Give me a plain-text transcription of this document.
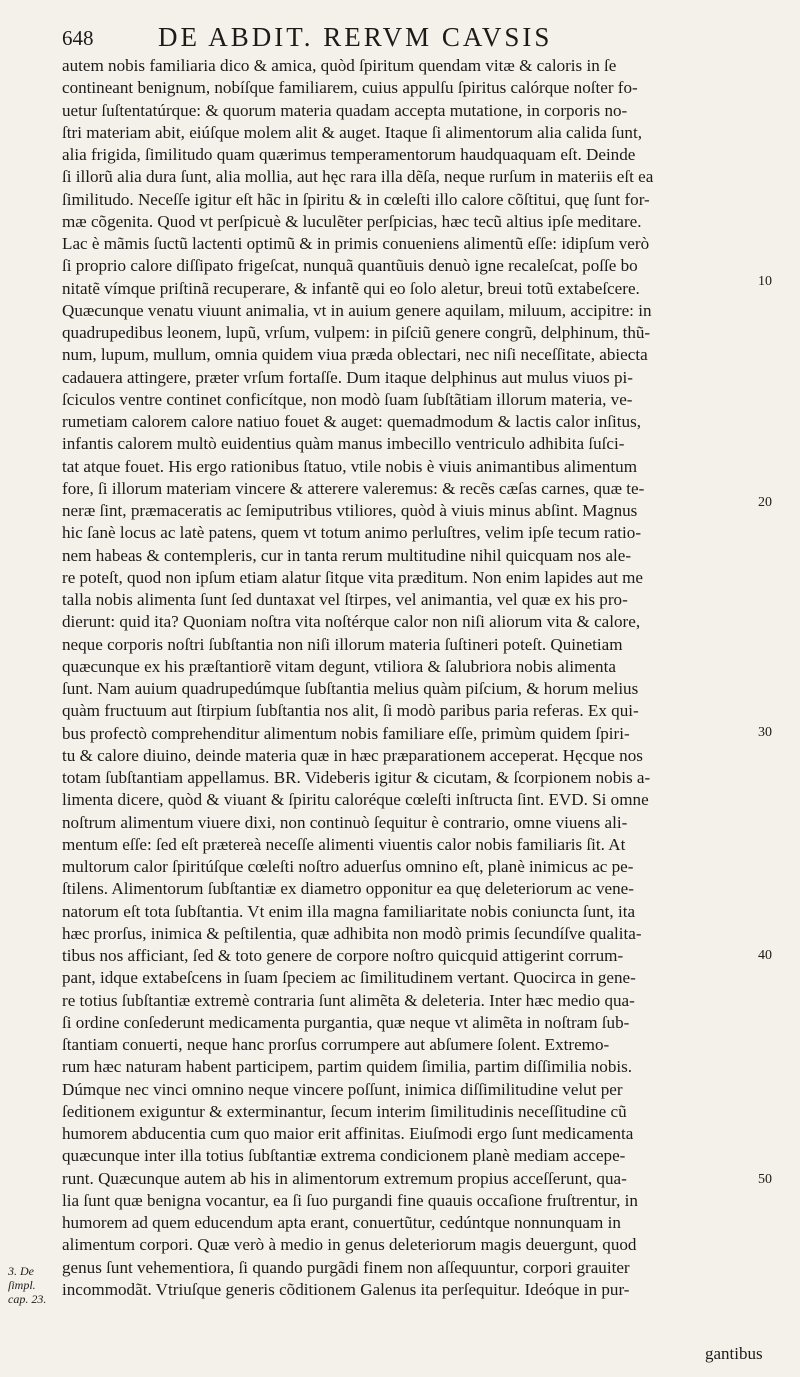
648 DE ABDIT. RERVM CAVSIS
autem nobis familiaria dico & amica, quòd ſpiritum quendam vitæ & caloris in ſe
contineant benignum, nobíſque familiarem, cuius appulſu ſpiritus calórque noſter fo-
uetur ſuſtentatúrque: & quorum materia quadam accepta mutatione, in corporis no-
ſtri materiam abit, eiúſque molem alit & auget. Itaque ſi alimentorum alia calida ſunt,
alia frigida, ſimilitudo quam quærimus temperamentorum haudquaquam eſt. Deinde
ſi illorũ alia dura ſunt, alia mollia, aut hęc rara illa dẽſa, neque rurſum in materiis eſt ea
ſimilitudo. Neceſſe igitur eſt hãc in ſpiritu & in cœleſti illo calore cõſtitui, quę ſunt for-
mæ cõgenita. Quod vt perſpicuè & luculẽter perſpicias, hæc tecũ altius ipſe meditare.
Lac è mãmis ſuctũ lactenti optimũ & in primis conueniens alimentũ eſſe: idipſum verò
ſi proprio calore diſſipato frigeſcat, nunquã quantũuis denuò igne recaleſcat, poſſe bo
nitatẽ vímque priſtinã recuperare, & infantẽ qui eo ſolo aletur, breui totũ extabeſcere.
Quæcunque venatu viuunt animalia, vt in auium genere aquilam, miluum, accipitre: in
quadrupedibus leonem, lupũ, vrſum, vulpem: in piſciũ genere congrũ, delphinum, thũ-
num, lupum, mullum, omnia quidem viua præda oblectari, nec niſi neceſſitate, abiecta
cadauera attingere, præter vrſum fortaſſe. Dum itaque delphinus aut mulus viuos pi-
ſciculos ventre continet conficítque, non modò ſuam ſubſtãtiam illorum materia, ve-
rumetiam calorem calore natiuo fouet & auget: quemadmodum & lactis calor inſitus,
infantis calorem multò euidentius quàm manus imbecillo ventriculo adhibita ſuſci-
tat atque fouet. His ergo rationibus ſtatuo, vtile nobis è viuis animantibus alimentum
fore, ſi illorum materiam vincere & atterere valeremus: & recẽs cæſas carnes, quæ te-
neræ ſint, præmaceratis ac ſemiputribus vtiliores, quòd à viuis minus abſint. Magnus
hic ſanè locus ac latè patens, quem vt totum animo perluſtres, velim ipſe tecum ratio-
nem habeas & contempleris, cur in tanta rerum multitudine nihil quicquam nos ale-
re poteſt, quod non ipſum etiam alatur ſitque vita præditum. Non enim lapides aut me
talla nobis alimenta ſunt ſed duntaxat vel ſtirpes, vel animantia, vel quæ ex his pro-
dierunt: quid ita? Quoniam noſtra vita noſtérque calor non niſi aliorum vita & calore,
neque corporis noſtri ſubſtantia non niſi illorum materia ſuſtineri poteſt. Quinetiam
quæcunque ex his præſtantiorẽ vitam degunt, vtiliora & ſalubriora nobis alimenta
ſunt. Nam auium quadrupedúmque ſubſtantia melius quàm piſcium, & horum melius
quàm fructuum aut ſtirpium ſubſtantia nos alit, ſi modò paribus paria referas. Ex qui-
bus profectò comprehenditur alimentum nobis familiare eſſe, primùm quidem ſpiri-
tu & calore diuino, deinde materia quæ in hæc præparationem acceperat. Hęcque nos
totam ſubſtantiam appellamus. BR. Videberis igitur & cicutam, & ſcorpionem nobis a-
limenta dicere, quòd & viuant & ſpiritu caloréque cœleſti inſtructa ſint. EVD. Si omne
noſtrum alimentum viuere dixi, non continuò ſequitur è contrario, omne viuens ali-
mentum eſſe: ſed eſt prætereà neceſſe alimenti viuentis calor nobis familiaris ſit. At
multorum calor ſpiritúſque cœleſti noſtro aduerſus omnino eſt, planè inimicus ac pe-
ſtilens. Alimentorum ſubſtantiæ ex diametro opponitur ea quę deleteriorum ac vene-
natorum eſt tota ſubſtantia. Vt enim illa magna familiaritate nobis coniuncta ſunt, ita
hæc prorſus, inimica & peſtilentia, quæ adhibita non modò primis ſecundíſve qualita-
tibus nos afficiant, ſed & toto genere de corpore noſtro quicquid attigerint corrum-
pant, idque extabeſcens in ſuam ſpeciem ac ſimilitudinem vertant. Quocirca in gene-
re totius ſubſtantiæ extremè contraria ſunt alimẽta & deleteria. Inter hæc medio qua-
ſi ordine conſederunt medicamenta purgantia, quæ neque vt alimẽta in noſtram ſub-
ſtantiam conuerti, neque hanc prorſus corrumpere aut abſumere ſolent. Extremo-
rum hæc naturam habent participem, partim quidem ſimilia, partim diſſimilia nobis.
Dúmque nec vinci omnino neque vincere poſſunt, inimica diſſimilitudine velut per
ſeditionem exiguntur & exterminantur, ſecum interim ſimilitudinis neceſſitudine cũ
humorem abducentia cum quo maior erit affinitas. Eiuſmodi ergo ſunt medicamenta
quæcunque inter illa totius ſubſtantiæ extrema condicionem planè mediam accepe-
runt. Quæcunque autem ab his in alimentorum extremum propius acceſſerunt, qua-
lia ſunt quæ benigna vocantur, ea ſi ſuo purgandi fine quauis occaſione fruſtrentur, in
humorem ad quem educendum apta erant, conuertũtur, cedúntque nonnunquam in
alimentum corpori. Quæ verò à medio in genus deleteriorum magis deuergunt, quod
genus ſunt vehementiora, ſi quando purgãdi finem non aſſequuntur, corpori grauiter
incommodãt. Vtriuſque generis cõditionem Galenus ita perſequitur. Ideóque in pur-
10
20
30
40
50
3. De ſimpl.
cap. 23.
gantibus
